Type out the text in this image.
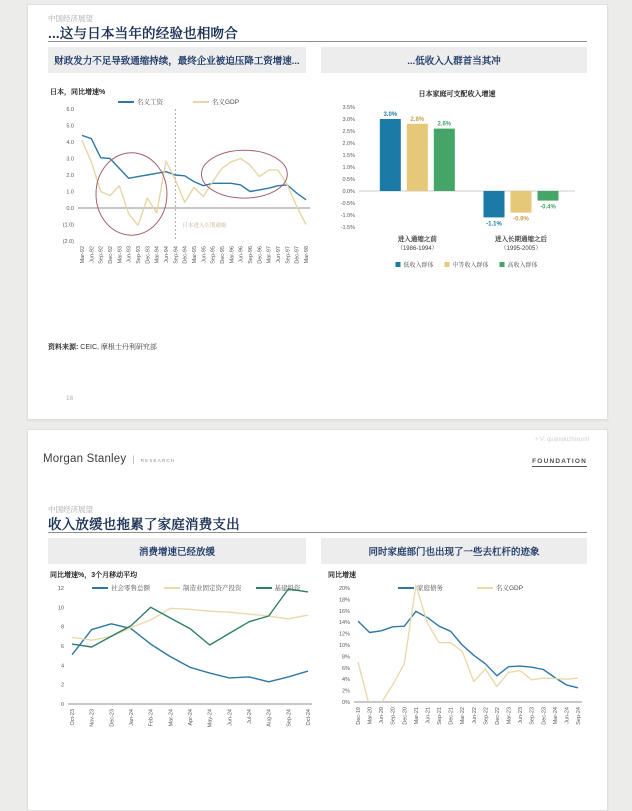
中国经济展望
...这与日本当年的经验也相吻合
财政发力不足导致通缩持续，最终企业被迫压降工资增速...	...低收入人群首当其冲
日本，同比增速%
名义工资	名义GDP
6.0
5.0
4.0
3.0
2.0
1.0
0.0
(1.0)
(2.0)
Mar-92 Jun-92 Sep-92 Dec-92 Mar-93 Jun-93 Sep-93 Dec-93 Mar-94 Jun-94 Sep-94 Dec-94 Mar-95 Jun-95 Sep-95 Dec-95 Mar-96 Jun-96 Sep-96 Dec-96 Mar-97 Jun-97 Sep-97 Dec-97 Mar-98
日本进入长期通缩
日本家庭可支配收入增速
3.5%
3.0%
2.5%
2.0%
1.5%
1.0%
0.5%
0.0%
-0.5%
-1.0%
-1.5%
3.0%
2.8%
2.6%
进入通缩之前
（1986-1994）
-1.1%
-0.9%
-0.4%
进入长期通缩之后
（1995-2005）
低收入群体	中等收入群体	高收入群体
资料来源: CEIC, 摩根士丹利研究部
16
+ V: quanqiuzhixunrl
Morgan Stanley | RESEARCH	FOUNDATION
中国经济展望
收入放缓也拖累了家庭消费支出
消费增速已经放缓	同时家庭部门也出现了一些去杠杆的迹象
同比增速%，3个月移动平均
社会零售总额	制造业固定资产投资	基建投资
12
10
8
6
4
2
0
Oct-23 Nov-23 Dec-23 Jan-24 Feb-24 Mar-24 Apr-24 May-24 Jun-24 Jul-24 Aug-24 Sep-24 Oct-24
同比增速
家庭债务	名义GDP
20%
18%
16%
14%
12%
10%
8%
6%
4%
2%
0%
Dec-19 Mar-20 Jun-20 Sep-20 Dec-20 Mar-21 Jun-21 Sep-21 Dec-21 Mar-22 Jun-22 Sep-22 Dec-22 Mar-23 Jun-23 Sep-23 Dec-23 Mar-24 Jun-24 Sep-24
